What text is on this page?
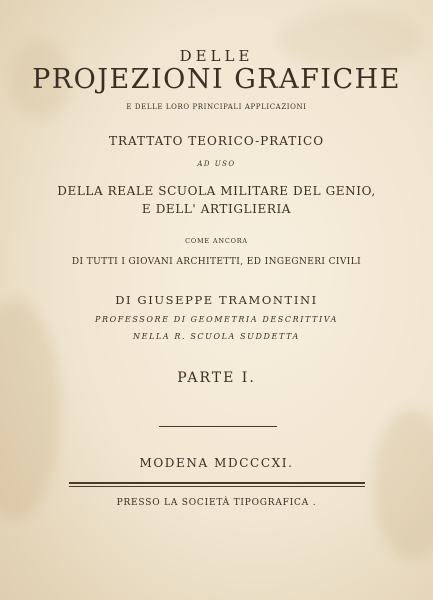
DELLE
PROJEZIONI GRAFICHE
E DELLE LORO PRINCIPALI APPLICAZIONI
TRATTATO TEORICO-PRATICO
AD USO
DELLA REALE SCUOLA MILITARE DEL GENIO,
E DELL' ARTIGLIERIA
COME ANCORA
DI TUTTI I GIOVANI ARCHITETTI, ED INGEGNERI CIVILI
DI GIUSEPPE TRAMONTINI
PROFESSORE DI GEOMETRIA DESCRITTIVA
NELLA R. SCUOLA SUDDETTA
PARTE I.
MODENA MDCCCXI.
PRESSO LA SOCIETÀ TIPOGRAFICA .
